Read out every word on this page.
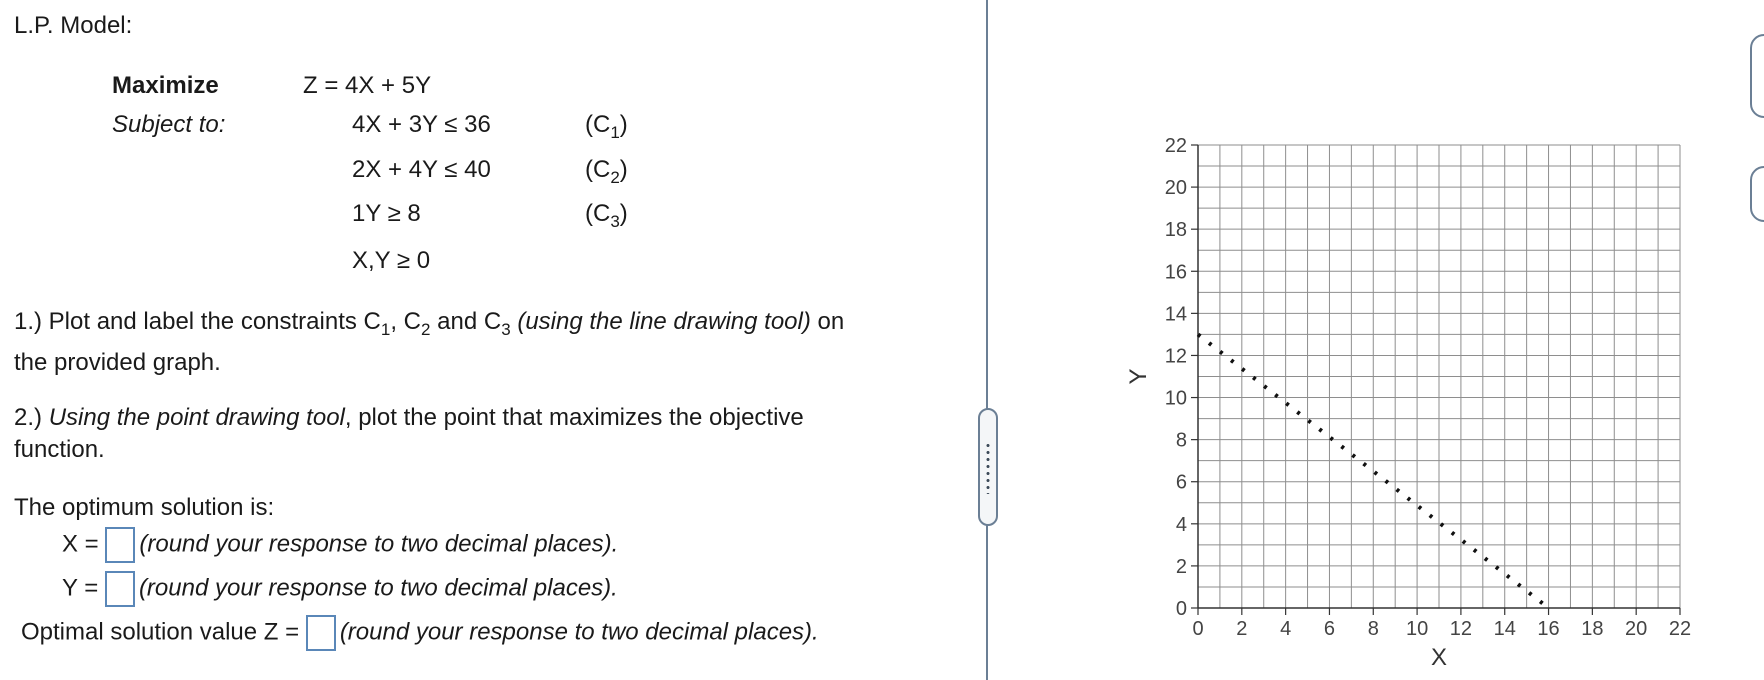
L.P. Model:
Maximize	Z = 4X + 5Y
Subject to:	4X + 3Y ≤ 36	$(C_1)$
2X + 4Y ≤ 40	$(C_2)$
1Y ≥ 8	$(C_3)$
X,Y ≥ 0
1.) Plot and label the constraints $C_1$, $C_2$ and $C_3$ (using the line drawing tool) on
the provided graph.
2.) Using the point drawing tool, plot the point that maximizes the objective
function.
The optimum solution is:
X = (round your response to two decimal places).
Y = (round your response to two decimal places).
Optimal solution value Z = (round your response to two decimal places).	0 2 4 6 8 10 12 14 16 18 20 22
0
2
4
6
8
10
12
14
16
18
20
22
X
Y
